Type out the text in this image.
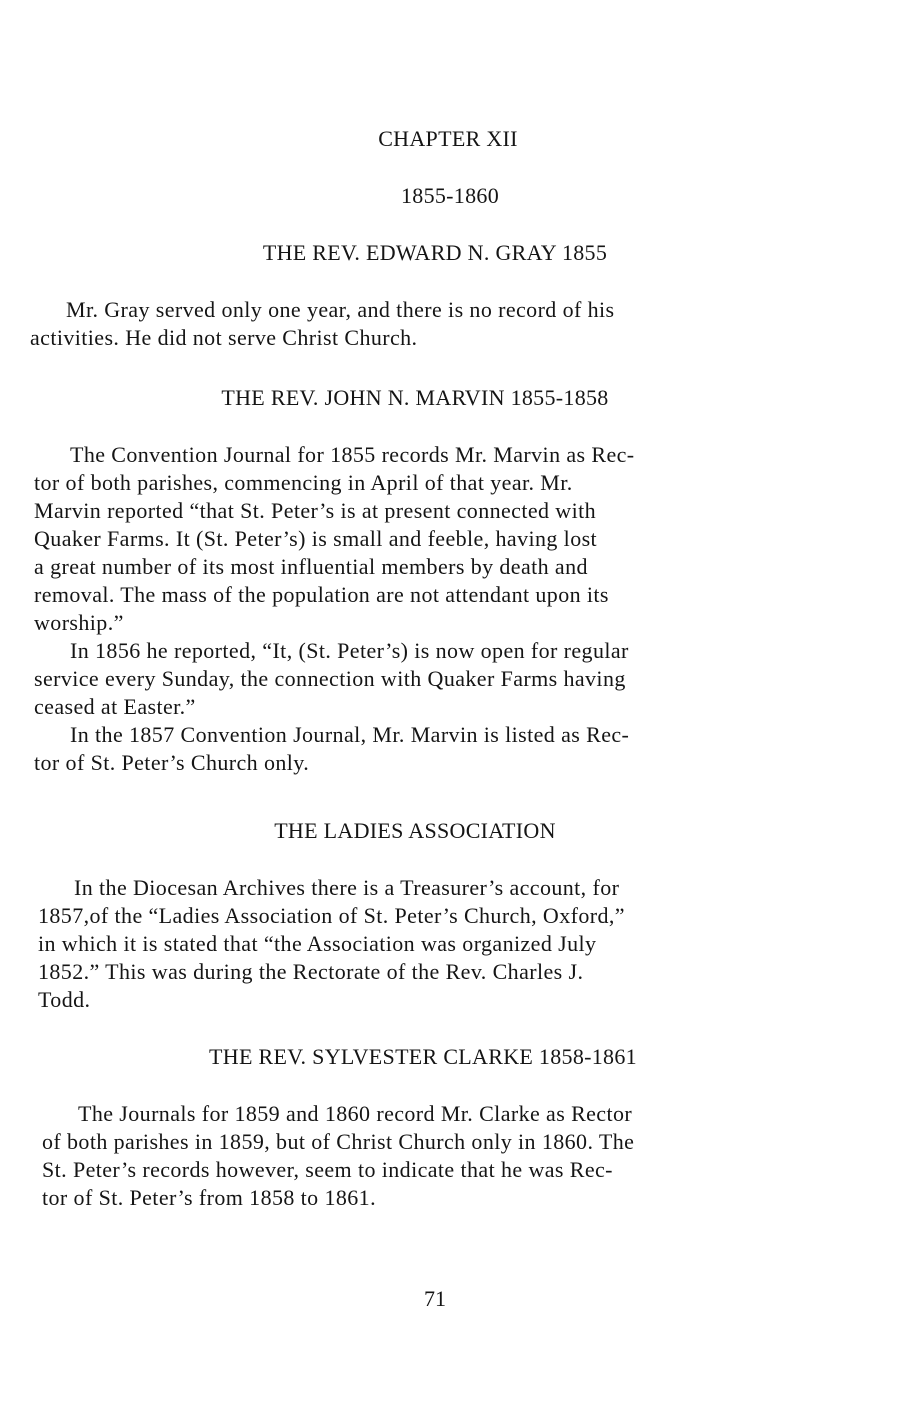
CHAPTER XII
1855-1860
THE REV. EDWARD N. GRAY 1855
Mr. Gray served only one year, and there is no record of his
activities. He did not serve Christ Church.
THE REV. JOHN N. MARVIN 1855-1858
The Convention Journal for 1855 records Mr. Marvin as Rec-
tor of both parishes, commencing in April of that year. Mr.
Marvin reported “that St. Peter’s is at present connected with
Quaker Farms. It (St. Peter’s) is small and feeble, having lost
a great number of its most influential members by death and
removal. The mass of the population are not attendant upon its
worship.”
In 1856 he reported, “It, (St. Peter’s) is now open for regular
service every Sunday, the connection with Quaker Farms having
ceased at Easter.”
In the 1857 Convention Journal, Mr. Marvin is listed as Rec-
tor of St. Peter’s Church only.
THE LADIES ASSOCIATION
In the Diocesan Archives there is a Treasurer’s account, for
1857,of the “Ladies Association of St. Peter’s Church, Oxford,”
in which it is stated that “the Association was organized July
1852.” This was during the Rectorate of the Rev. Charles J.
Todd.
THE REV. SYLVESTER CLARKE 1858-1861
The Journals for 1859 and 1860 record Mr. Clarke as Rector
of both parishes in 1859, but of Christ Church only in 1860. The
St. Peter’s records however, seem to indicate that he was Rec-
tor of St. Peter’s from 1858 to 1861.
71
